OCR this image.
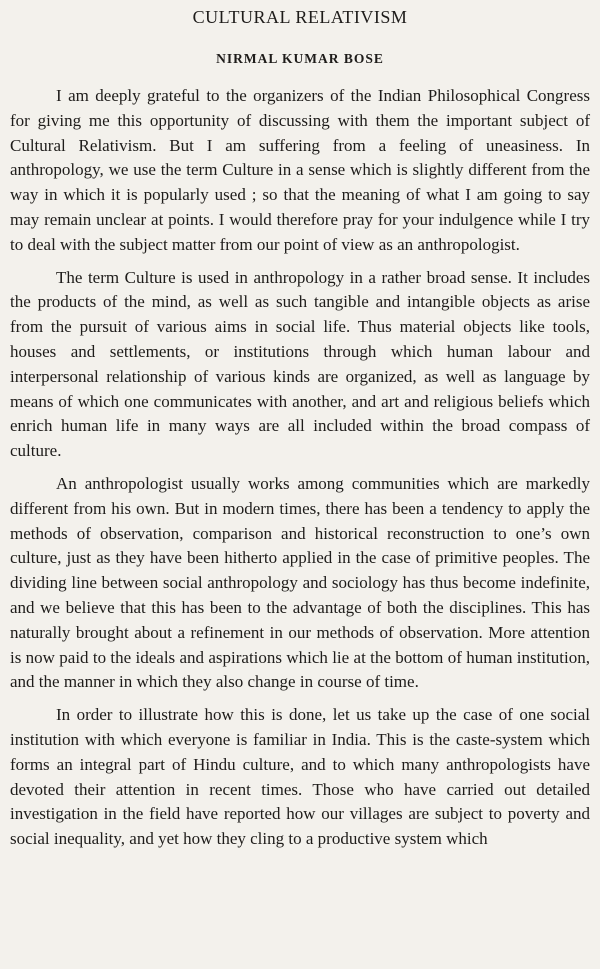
CULTURAL RELATIVISM
NIRMAL KUMAR BOSE

I am deeply grateful to the organizers of the Indian Philosophical Congress for giving me this opportunity of discussing with them the important subject of Cultural Relativism. But I am suffering from a feeling of uneasiness. In anthropology, we use the term Culture in a sense which is slightly different from the way in which it is popularly used ; so that the meaning of what I am going to say may remain unclear at points. I would therefore pray for your indulgence while I try to deal with the subject matter from our point of view as an anthropologist.

The term Culture is used in anthropology in a rather broad sense. It includes the products of the mind, as well as such tangible and intangible objects as arise from the pursuit of various aims in social life. Thus material objects like tools, houses and settlements, or institutions through which human labour and interpersonal relationship of various kinds are organized, as well as language by means of which one communicates with another, and art and religious beliefs which enrich human life in many ways are all included within the broad compass of culture.

An anthropologist usually works among communities which are markedly different from his own. But in modern times, there has been a tendency to apply the methods of observation, comparison and historical reconstruction to one’s own culture, just as they have been hitherto applied in the case of primitive peoples. The dividing line between social anthropology and sociology has thus become indefinite, and we believe that this has been to the advantage of both the disciplines. This has naturally brought about a refinement in our methods of observation. More attention is now paid to the ideals and aspirations which lie at the bottom of human institution, and the manner in which they also change in course of time.

In order to illustrate how this is done, let us take up the case of one social institution with which everyone is familiar in India. This is the caste-system which forms an integral part of Hindu culture, and to which many anthropologists have devoted their attention in recent times. Those who have carried out detailed investigation in the field have reported how our villages are subject to poverty and social inequality, and yet how they cling to a productive system which
